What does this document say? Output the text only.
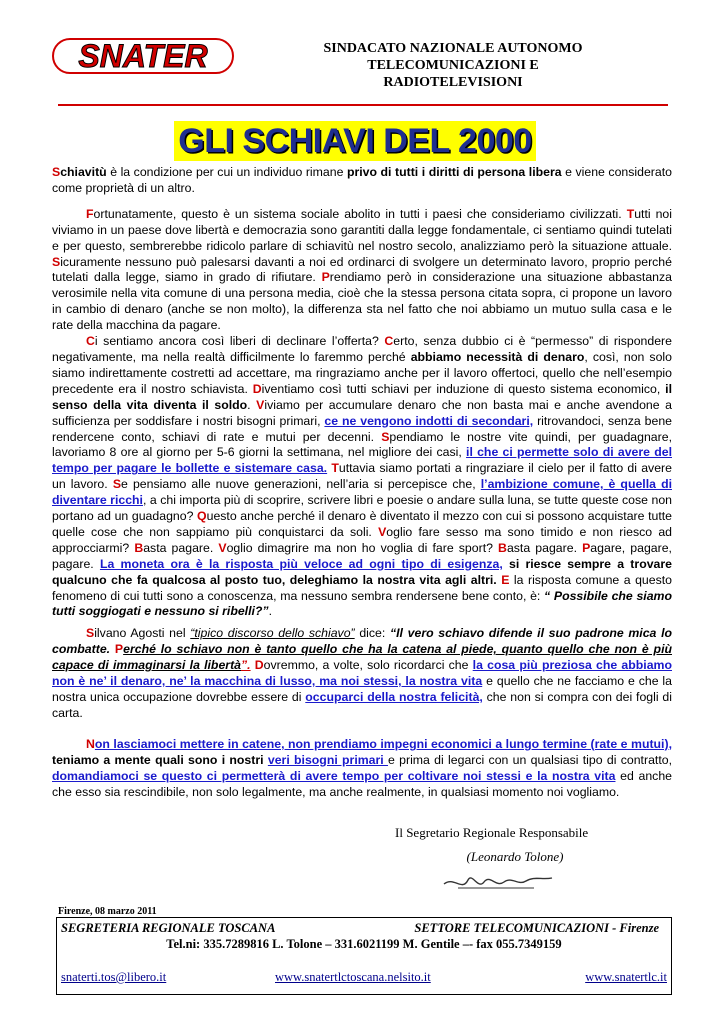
SNATER	SINDACATO NAZIONALE AUTONOMO
TELECOMUNICAZIONI E
RADIOTELEVISIONI
GLI SCHIAVI DEL 2000

Schiavitù è la condizione per cui un individuo rimane privo di tutti i diritti di persona libera e viene considerato come proprietà di un altro.

Fortunatamente, questo è un sistema sociale abolito in tutti i paesi che consideriamo civilizzati. Tutti noi viviamo in un paese dove libertà e democrazia sono garantiti dalla legge fondamentale, ci sentiamo quindi tutelati e per questo, sembrerebbe ridicolo parlare di schiavitù nel nostro secolo, analizziamo però la situazione attuale. Sicuramente nessuno può palesarsi davanti a noi ed ordinarci di svolgere un determinato lavoro, proprio perché tutelati dalla legge, siamo in grado di rifiutare. Prendiamo però in considerazione una situazione abbastanza verosimile nella vita comune di una persona media, cioè che la stessa persona citata sopra, ci propone un lavoro in cambio di denaro (anche se non molto), la differenza sta nel fatto che noi abbiamo un mutuo sulla casa e le rate della macchina da pagare.

Ci sentiamo ancora così liberi di declinare l’offerta? Certo, senza dubbio ci è “permesso” di rispondere negativamente, ma nella realtà difficilmente lo faremmo perché abbiamo necessità di denaro, così, non solo siamo indirettamente costretti ad accettare, ma ringraziamo anche per il lavoro offertoci, quello che nell’esempio precedente era il nostro schiavista. Diventiamo così tutti schiavi per induzione di questo sistema economico, il senso della vita diventa il soldo. Viviamo per accumulare denaro che non basta mai e anche avendone a sufficienza per soddisfare i nostri bisogni primari, ce ne vengono indotti di secondari, ritrovandoci, senza bene rendercene conto, schiavi di rate e mutui per decenni. Spendiamo le nostre vite quindi, per guadagnare, lavoriamo 8 ore al giorno per 5-6 giorni la settimana, nel migliore dei casi, il che ci permette solo di avere del tempo per pagare le bollette e sistemare casa. Tuttavia siamo portati a ringraziare il cielo per il fatto di avere un lavoro. Se pensiamo alle nuove generazioni, nell’aria si percepisce che, l’ambizione comune, è quella di diventare ricchi, a chi importa più di scoprire, scrivere libri e poesie o andare sulla luna, se tutte queste cose non portano ad un guadagno? Questo anche perché il denaro è diventato il mezzo con cui si possono acquistare tutte quelle cose che non sappiamo più conquistarci da soli. Voglio fare sesso ma sono timido e non riesco ad approcciarmi? Basta pagare. Voglio dimagrire ma non ho voglia di fare sport? Basta pagare. Pagare, pagare, pagare. La moneta ora è la risposta più veloce ad ogni tipo di esigenza, si riesce sempre a trovare qualcuno che fa qualcosa al posto tuo, deleghiamo la nostra vita agli altri. E la risposta comune a questo fenomeno di cui tutti sono a conoscenza, ma nessuno sembra rendersene bene conto, è: “ Possibile che siamo tutti soggiogati e nessuno si ribelli?”.

Silvano Agosti nel “tipico discorso dello schiavo” dice: “Il vero schiavo difende il suo padrone mica lo combatte. Perché lo schiavo non è tanto quello che ha la catena al piede, quanto quello che non è più capace di immaginarsi la libertà”. Dovremmo, a volte, solo ricordarci che la cosa più preziosa che abbiamo non è ne’ il denaro, ne’ la macchina di lusso, ma noi stessi, la nostra vita e quello che ne facciamo e che la nostra unica occupazione dovrebbe essere di occuparci della nostra felicità, che non si compra con dei fogli di carta.

Non lasciamoci mettere in catene, non prendiamo impegni economici a lungo termine (rate e mutui), teniamo a mente quali sono i nostri veri bisogni primari e prima di legarci con un qualsiasi tipo di contratto, domandiamoci se questo ci permetterà di avere tempo per coltivare noi stessi e la nostra vita ed anche che esso sia rescindibile, non solo legalmente, ma anche realmente, in qualsiasi momento noi vogliamo.

Il Segretario Regionale Responsabile
(Leonardo Tolone)
Firenze, 08 marzo 2011
SEGRETERIA REGIONALE TOSCANA	SETTORE TELECOMUNICAZIONI - Firenze
Tel.ni: 335.7289816 L. Tolone – 331.6021199 M. Gentile –- fax 055.7349159
snaterti.tos@libero.it	www.snatertlctoscana.nelsito.it	www.snatertlc.it
